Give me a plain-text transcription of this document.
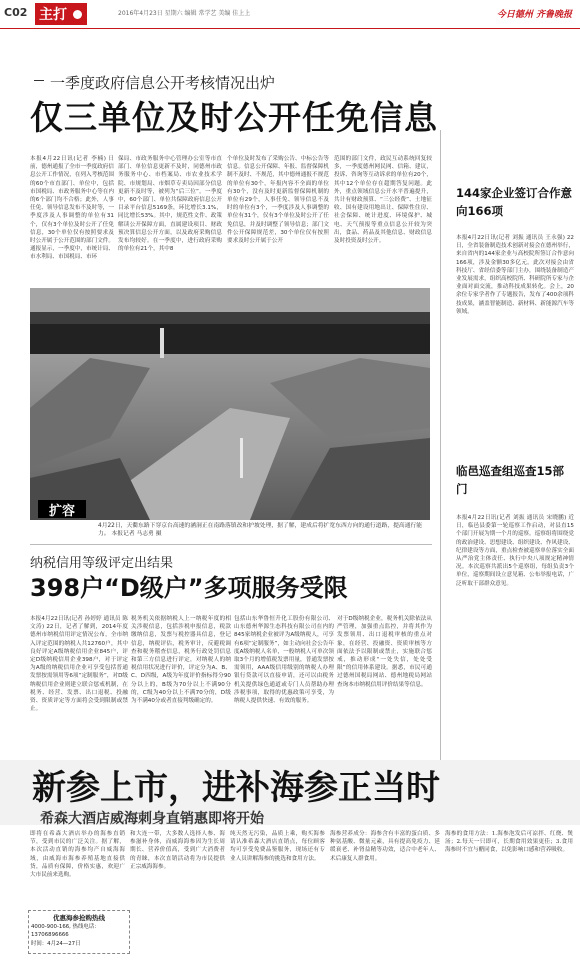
C02 主打	2016年4月23日 星期六 编辑 常学艺 美编 佳上上	今日德州 齐鲁晚报
一季度政府信息公开考核情况出炉
仅三单位及时公开任免信息
本报4月22日讯(记者 李楠) 日前，德州通报了全市一季度政府信息公开工作情况，在列入考核范围的60个市直部门、单位中，包括市国税局、市政务服务中心等在内的6个部门均不合格；此外，人事任免、领导信息发布不及时等，一季度涉及人事调整的单位有31个，仅有3个单位及时公开了任免信息，30个单位仅有按照要求及时公开属于公开范围的部门文件。通报显示，一季度中，市统计局、市水利局、市国税局、市环
保局、市政务服务中心管理办公室等市直部门、单位信息更新不及时，同德州市政务服务中心、市档案局、市农业技术学院、市规划局、市烟草专卖局因部分信息更新不及时等，被列为“后三位”。一季度中，60个部门、单位共保障政府信息公开目录平台信息5169条，环比增长3.1%，同比增长53%。其中，规范性文件、政策解读公开保障方面，直属建设项目、财政预决算信息公开方面，以及政府采购信息发布均较好。在一季度中，进行政府采购的单位有21个，其中8
个单位及时发布了采购公告、中标公告等信息。信息公开保障、年报、监督保障机制不及时、不规范，其中德州通报不规范的单位有30个，年报内容不全面的单位有30个，没有及时更新监督保障机制的单位有29个，人事任免、领导信息不及时的单位有3个，一季度涉及人事调整的单位有31个，仅有3个单位及时公开了任免信息，并及时调整了领导信息；部门文件公开保障规范差，30个单位仅有按照要求及时公开属于公开
范围的部门文件，政民互动系统回复较多，一季度德州网民网、信箱、建议，投诉、咨询等互动诉求的单位有20个，其中12个单位存在超期答复问题。此外，重点领域信息公开水平普遍提升，共计有财政预算、“三公经费”、土地征收、国有建设用地出让、保障性住房、社会保障、统计进度、环境保护、城电、天气预报等重点信息公开较为突出，食品、药品及其他信息、财政信息及时投资及时公开。
扩容
4月22日，天衢东路下穿京台高速的涵洞正在南路落镇改和护坡处理，据了解，建成后将扩宽东西方向的通行道路，提高通行能力。 本报记者 马志勇 摄
纳税信用等级评定出结果
398户“D级户”多项服务受限
本报4月22日讯(记者 孙婷婷 通讯员 陈文涛) 22日，记者了解到，2014年度德州市纳税信用评定情况公布，全市纳入评定范围的纳税人共12760户，其中良好评定A级纳税信用企业845户，评定D级纳税信用企业398户，对于评定为A级的纳税信用企业可享受包括普通发票按需领用等6项“定制服务”，对D级纳税信用企业则建立联合惩戒机制，在税务、经营、发票、出口退税、投融资、资质评定等方面将会受到限制或禁止。
税务机关依据纳税人上一纳税年度的相关涉税信息，包括涉税申报信息，税款缴纳信息，发票与税控器具信息，登记信息，纳税评估，税务审计，反避税调查和税务稽查信息，税务行政处罚信息和第三方信息进行评定，对纳税人的纳税信用状况进行评价，评定分为A、B、C、D四级，A级为年度评价指标得分90分以上的，B级为70分以上不满90分的，C级为40分以上不满70分的，D级为不满40分或者直接判级确定的。
包括山东华鲁恒升化工股份有限公司、山东德州华源生态科技有限公司在内的845家纳税企业被评为A级纳税人，可享有6项“定制服务”，如主动向社会公告年度A级纳税人名单，一般纳税人可单次领取3个月的增值税发票用量，普通发票按需领用，AAA级信用级别的纳税人办理银行贷款可以直接申请，还可以由税务机关提供绿色通道或专门人员帮助办理涉税事项，取得的优惠政策可享受，为纳税人提供快速、有效的服务。
对于D级纳税企业，税务机关除依法从严管理，加强重点监控，并将其作为发票领用、出口退税审核的重点对象，在经营、投融资、资质审核等方面依法予以限制或禁止，实施联合惩戒，推动形成“一处失信，处处受限”的信用体系建设。据悉，市民可通过德州国税局网站、德州地税局网站查询本市纳税信用评价结果等信息。
144家企业签订合作意向166项
本报4月22日讯(记者 刘振 通讯员 王永强) 22日，全省装备制造技术创新对接会在德州举行，来自省内的144家企业与高校院所签订合作意向166项，涉及金额30多亿元。此次对接会由省科技厅、省经信委等部门主办，围绕装备制造产业发展需求，组织高校院所、科研院所专家与企业面对面交流，推动科技成果转化。会上，20余位专家学者作了专题报告，发布了400余项科技成果，涵盖智能制造、新材料、新能源汽车等领域。
临邑巡查组巡查15部门
本报4月22日讯(记者 刘振 通讯员 宋晓鹏) 近日，临邑县委第一轮巡察工作启动，对县直15个部门开展为期一个月的巡察。巡察组将围绕党的政治建设、思想建设、组织建设、作风建设、纪律建设等方面，重点检查被巡察单位落实全面从严治党主体责任、执行中央八项规定精神情况。本次巡察共派出5个巡察组，每组负责3个单位，巡察期间设立意见箱、公布举报电话，广泛听取干部群众意见。
新参上市，进补海参正当时
希森大酒店威海刺身直销惠即将开始
即将在希森大酒店举办的海参直销节，受到市民的广泛关注。据了解，本次活动直销的海参均产自威海海域，由威海市海参养殖基地直接供货，品质有保障，价格实惠，欢迎广大市民前来选购。
优惠海参抢购热线
4000-900-166, 热线电话：13706896666
时间：4月24—27日
和大连一带，大多数人选择人参、海参滋补身体，而威海海参因为生长周期长、营养价值高，受到广大消费者的青睐，本次直销活动将为市民提供正宗威海海参。
纯天然无污染，品质上乘，购买海参请认准希森大酒店直销点，每位顾客均可享受免费品鉴服务，现场还有专业人员讲解海参的挑选和食用方法。
海参营养成分：海参含有丰富的蛋白质、多种氨基酸、微量元素，具有提高免疫力、延缓衰老、补肾益精等功效，适合中老年人、术后康复人群食用。
海参的食用方法：1.海参泡发后可凉拌、红烧、煲汤；2.每天一只即可，长期食用效果更佳；3.食用海参时不宜与醋同食，以免影响口感和营养吸收。
